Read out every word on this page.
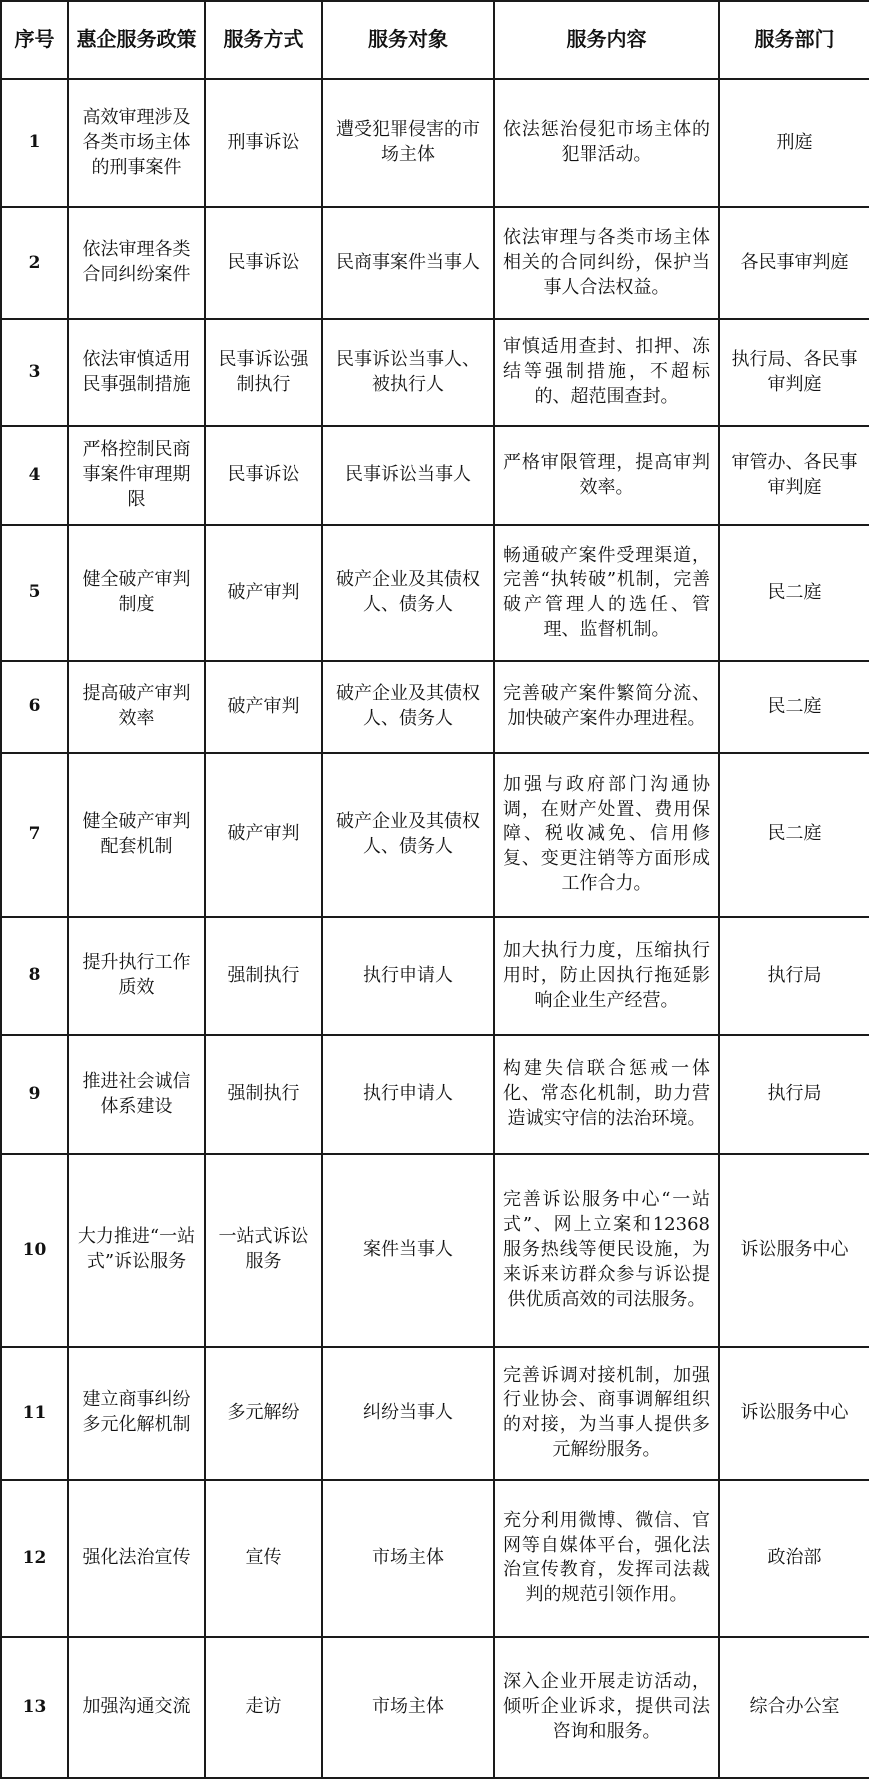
序号	惠企服务政策	服务方式	服务对象	服务内容	服务部门
1	高效审理涉及各类市场主体的刑事案件	刑事诉讼	遭受犯罪侵害的市场主体	依法惩治侵犯市场主体的犯罪活动。	刑庭
2	依法审理各类合同纠纷案件	民事诉讼	民商事案件当事人	依法审理与各类市场主体相关的合同纠纷，保护当事人合法权益。	各民事审判庭
3	依法审慎适用民事强制措施	民事诉讼强制执行	民事诉讼当事人、被执行人	审慎适用查封、扣押、冻结等强制措施，不超标的、超范围查封。	执行局、各民事审判庭
4	严格控制民商事案件审理期限	民事诉讼	民事诉讼当事人	严格审限管理，提高审判效率。	审管办、各民事审判庭
5	健全破产审判制度	破产审判	破产企业及其债权人、债务人	畅通破产案件受理渠道，完善“执转破”机制，完善破产管理人的选任、管理、监督机制。	民二庭
6	提高破产审判效率	破产审判	破产企业及其债权人、债务人	完善破产案件繁简分流、加快破产案件办理进程。	民二庭
7	健全破产审判配套机制	破产审判	破产企业及其债权人、债务人	加强与政府部门沟通协调，在财产处置、费用保障、税收减免、信用修复、变更注销等方面形成工作合力。	民二庭
8	提升执行工作质效	强制执行	执行申请人	加大执行力度，压缩执行用时，防止因执行拖延影响企业生产经营。	执行局
9	推进社会诚信体系建设	强制执行	执行申请人	构建失信联合惩戒一体化、常态化机制，助力营造诚实守信的法治环境。	执行局
10	大力推进“一站式”诉讼服务	一站式诉讼服务	案件当事人	完善诉讼服务中心“一站式”、网上立案和12368服务热线等便民设施，为来诉来访群众参与诉讼提供优质高效的司法服务。	诉讼服务中心
11	建立商事纠纷多元化解机制	多元解纷	纠纷当事人	完善诉调对接机制，加强行业协会、商事调解组织的对接，为当事人提供多元解纷服务。	诉讼服务中心
12	强化法治宣传	宣传	市场主体	充分利用微博、微信、官网等自媒体平台，强化法治宣传教育，发挥司法裁判的规范引领作用。	政治部
13	加强沟通交流	走访	市场主体	深入企业开展走访活动，倾听企业诉求，提供司法咨询和服务。	综合办公室
